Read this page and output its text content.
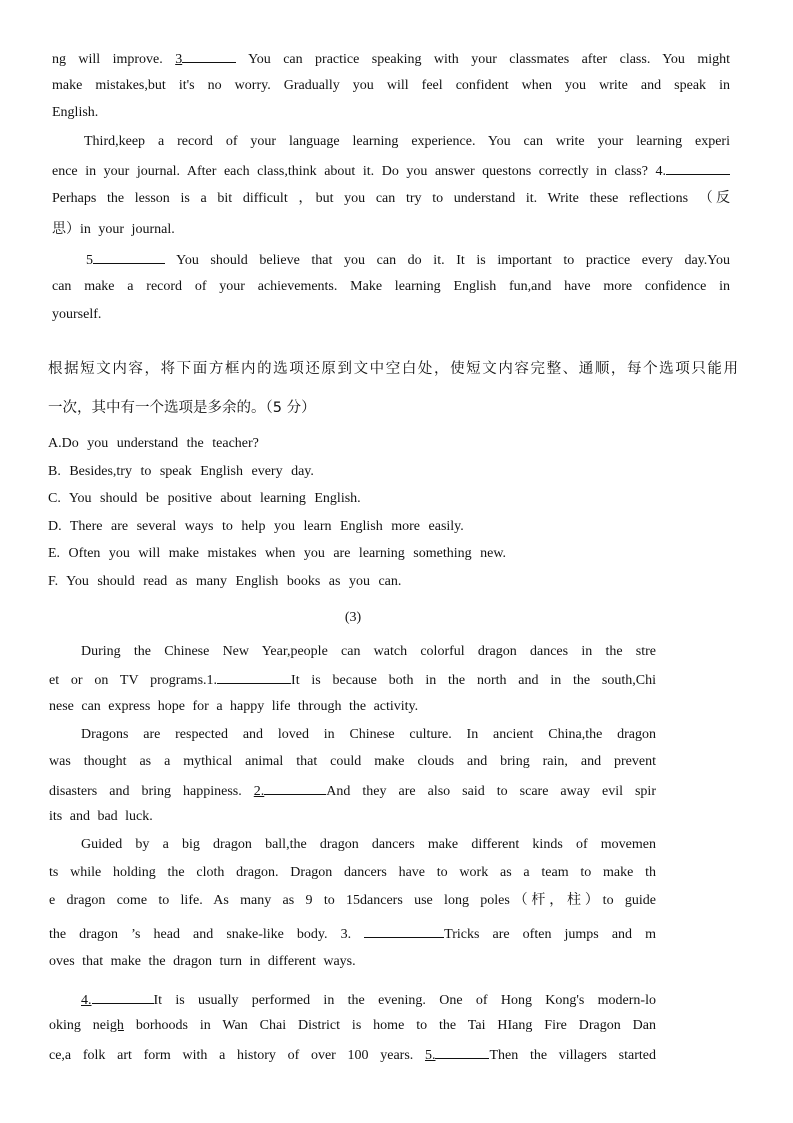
ng will improve. 3	You can practice speaking with your classmates after class. You might
make mistakes,but it's no worry. Gradually you will feel confident when you write and speak in
English.
Third,keep a record of your language learning experience. You can write your learning experi
ence in your journal. After each class,think about it. Do you answer questons correctly in class? 4.
Perhaps the lesson is a bit difficult ，but you can try to understand it. Write these reflections （反
思）in your journal.
5	You should believe that you can do it. It is important to practice every day.You
can make a record of your achievements. Make learning English fun,and have more confidence in
yourself.
根据短文内容，将下面方框内的选项还原到文中空白处，使短文内容完整、通顺，每个选项只能用
一次，其中有一个选项是多余的。（5 分）
A.Do you understand the teacher?
B. Besides,try to speak English every day.
C. You should be positive about learning English.
D. There are several ways to help you learn English more easily.
E. Often you will make mistakes when you are learning something new.
F. You should read as many English books as you can.
(3)
During the Chinese New Year,people can watch colorful dragon dances in the stre
et or on TV programs.1.	It is because both in the north and in the south,Chi
nese can express hope for a happy life through the activity.
Dragons are respected and loved in Chinese culture. In ancient China,the dragon
was thought as a mythical animal that could make clouds and bring rain, and prevent
disasters and bring happiness. 2.	And they are also said to scare away evil spir
its and bad luck.
Guided by a big dragon ball,the dragon dancers make different kinds of movemen
ts while holding the cloth dragon. Dragon dancers have to work as a team to make th
e dragon come to life. As many as 9 to 15dancers use long poles（杆，柱）to guide
the dragon ’s head and snake-like body. 3.	Tricks are often jumps and m
oves that make the dragon turn in different ways.
4.	It is usually performed in the evening. One of Hong Kong's modern-lo
oking neigh borhoods in Wan Chai District is home to the Tai HIang Fire Dragon Dan
ce,a folk art form with a history of over 100 years. 5.	Then the villagers started
